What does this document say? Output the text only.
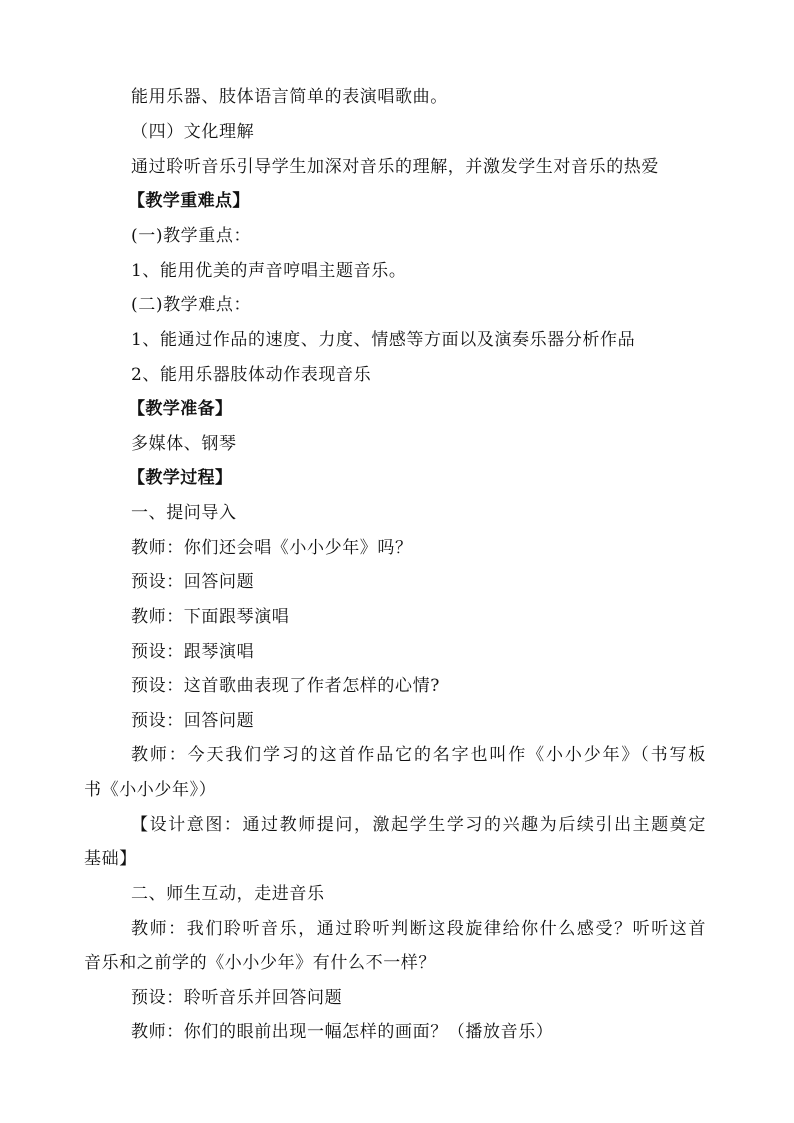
能用乐器、肢体语言简单的表演唱歌曲。
（四）文化理解
通过聆听音乐引导学生加深对音乐的理解，并激发学生对音乐的热爱
【教学重难点】
(一)教学重点：
1、能用优美的声音哼唱主题音乐。
(二)教学难点：
1、能通过作品的速度、力度、情感等方面以及演奏乐器分析作品
2、能用乐器肢体动作表现音乐
【教学准备】
多媒体、钢琴
【教学过程】
一、提问导入
教师：你们还会唱《小小少年》吗？
预设：回答问题
教师：下面跟琴演唱
预设：跟琴演唱
预设：这首歌曲表现了作者怎样的心情?
预设：回答问题
教师：今天我们学习的这首作品它的名字也叫作《小小少年》（书写板
书《小小少年》）
【设计意图：通过教师提问，激起学生学习的兴趣为后续引出主题奠定
基础】
二、师生互动，走进音乐
教师：我们聆听音乐，通过聆听判断这段旋律给你什么感受？听听这首
音乐和之前学的《小小少年》有什么不一样？
预设：聆听音乐并回答问题
教师：你们的眼前出现一幅怎样的画面？（播放音乐）
